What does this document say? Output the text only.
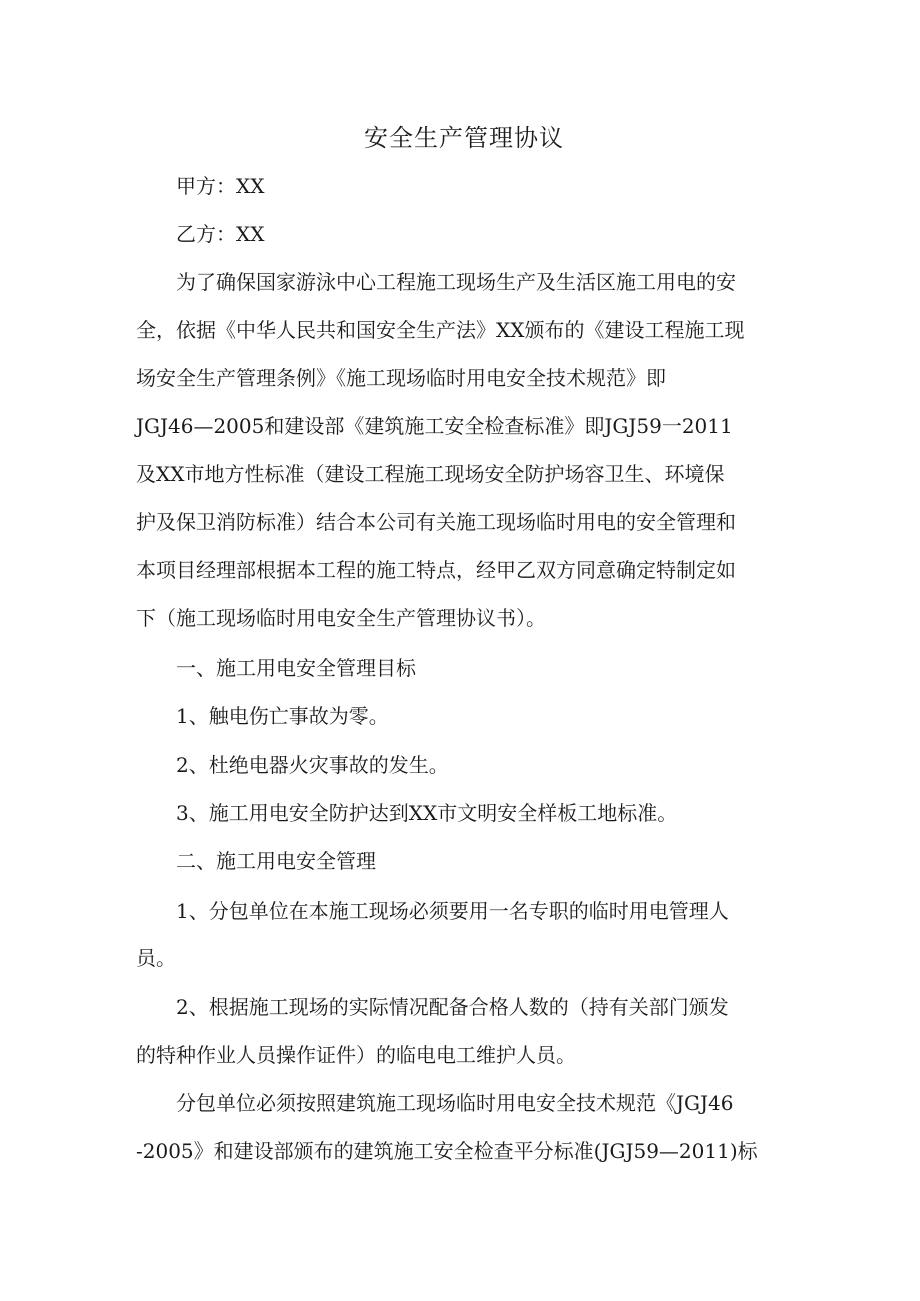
安全生产管理协议
甲方：XX
乙方：XX
为了确保国家游泳中心工程施工现场生产及生活区施工用电的安
全，依据《中华人民共和国安全生产法》XX颁布的《建设工程施工现
场安全生产管理条例》《施工现场临时用电安全技术规范》即
JGJ46—2005和建设部《建筑施工安全检查标准》即JGJ59一2011
及XX市地方性标准（建设工程施工现场安全防护场容卫生、环境保
护及保卫消防标准）结合本公司有关施工现场临时用电的安全管理和
本项目经理部根据本工程的施工特点，经甲乙双方同意确定特制定如
下（施工现场临时用电安全生产管理协议书）。
一、施工用电安全管理目标
1、触电伤亡事故为零。
2、杜绝电器火灾事故的发生。
3、施工用电安全防护达到XX市文明安全样板工地标准。
二、施工用电安全管理
1、分包单位在本施工现场必须要用一名专职的临时用电管理人
员。
2、根据施工现场的实际情况配备合格人数的（持有关部门颁发
的特种作业人员操作证件）的临电电工维护人员。
分包单位必须按照建筑施工现场临时用电安全技术规范《JGJ46
-2005》和建设部颁布的建筑施工安全检查平分标准(JGJ59—2011)标
